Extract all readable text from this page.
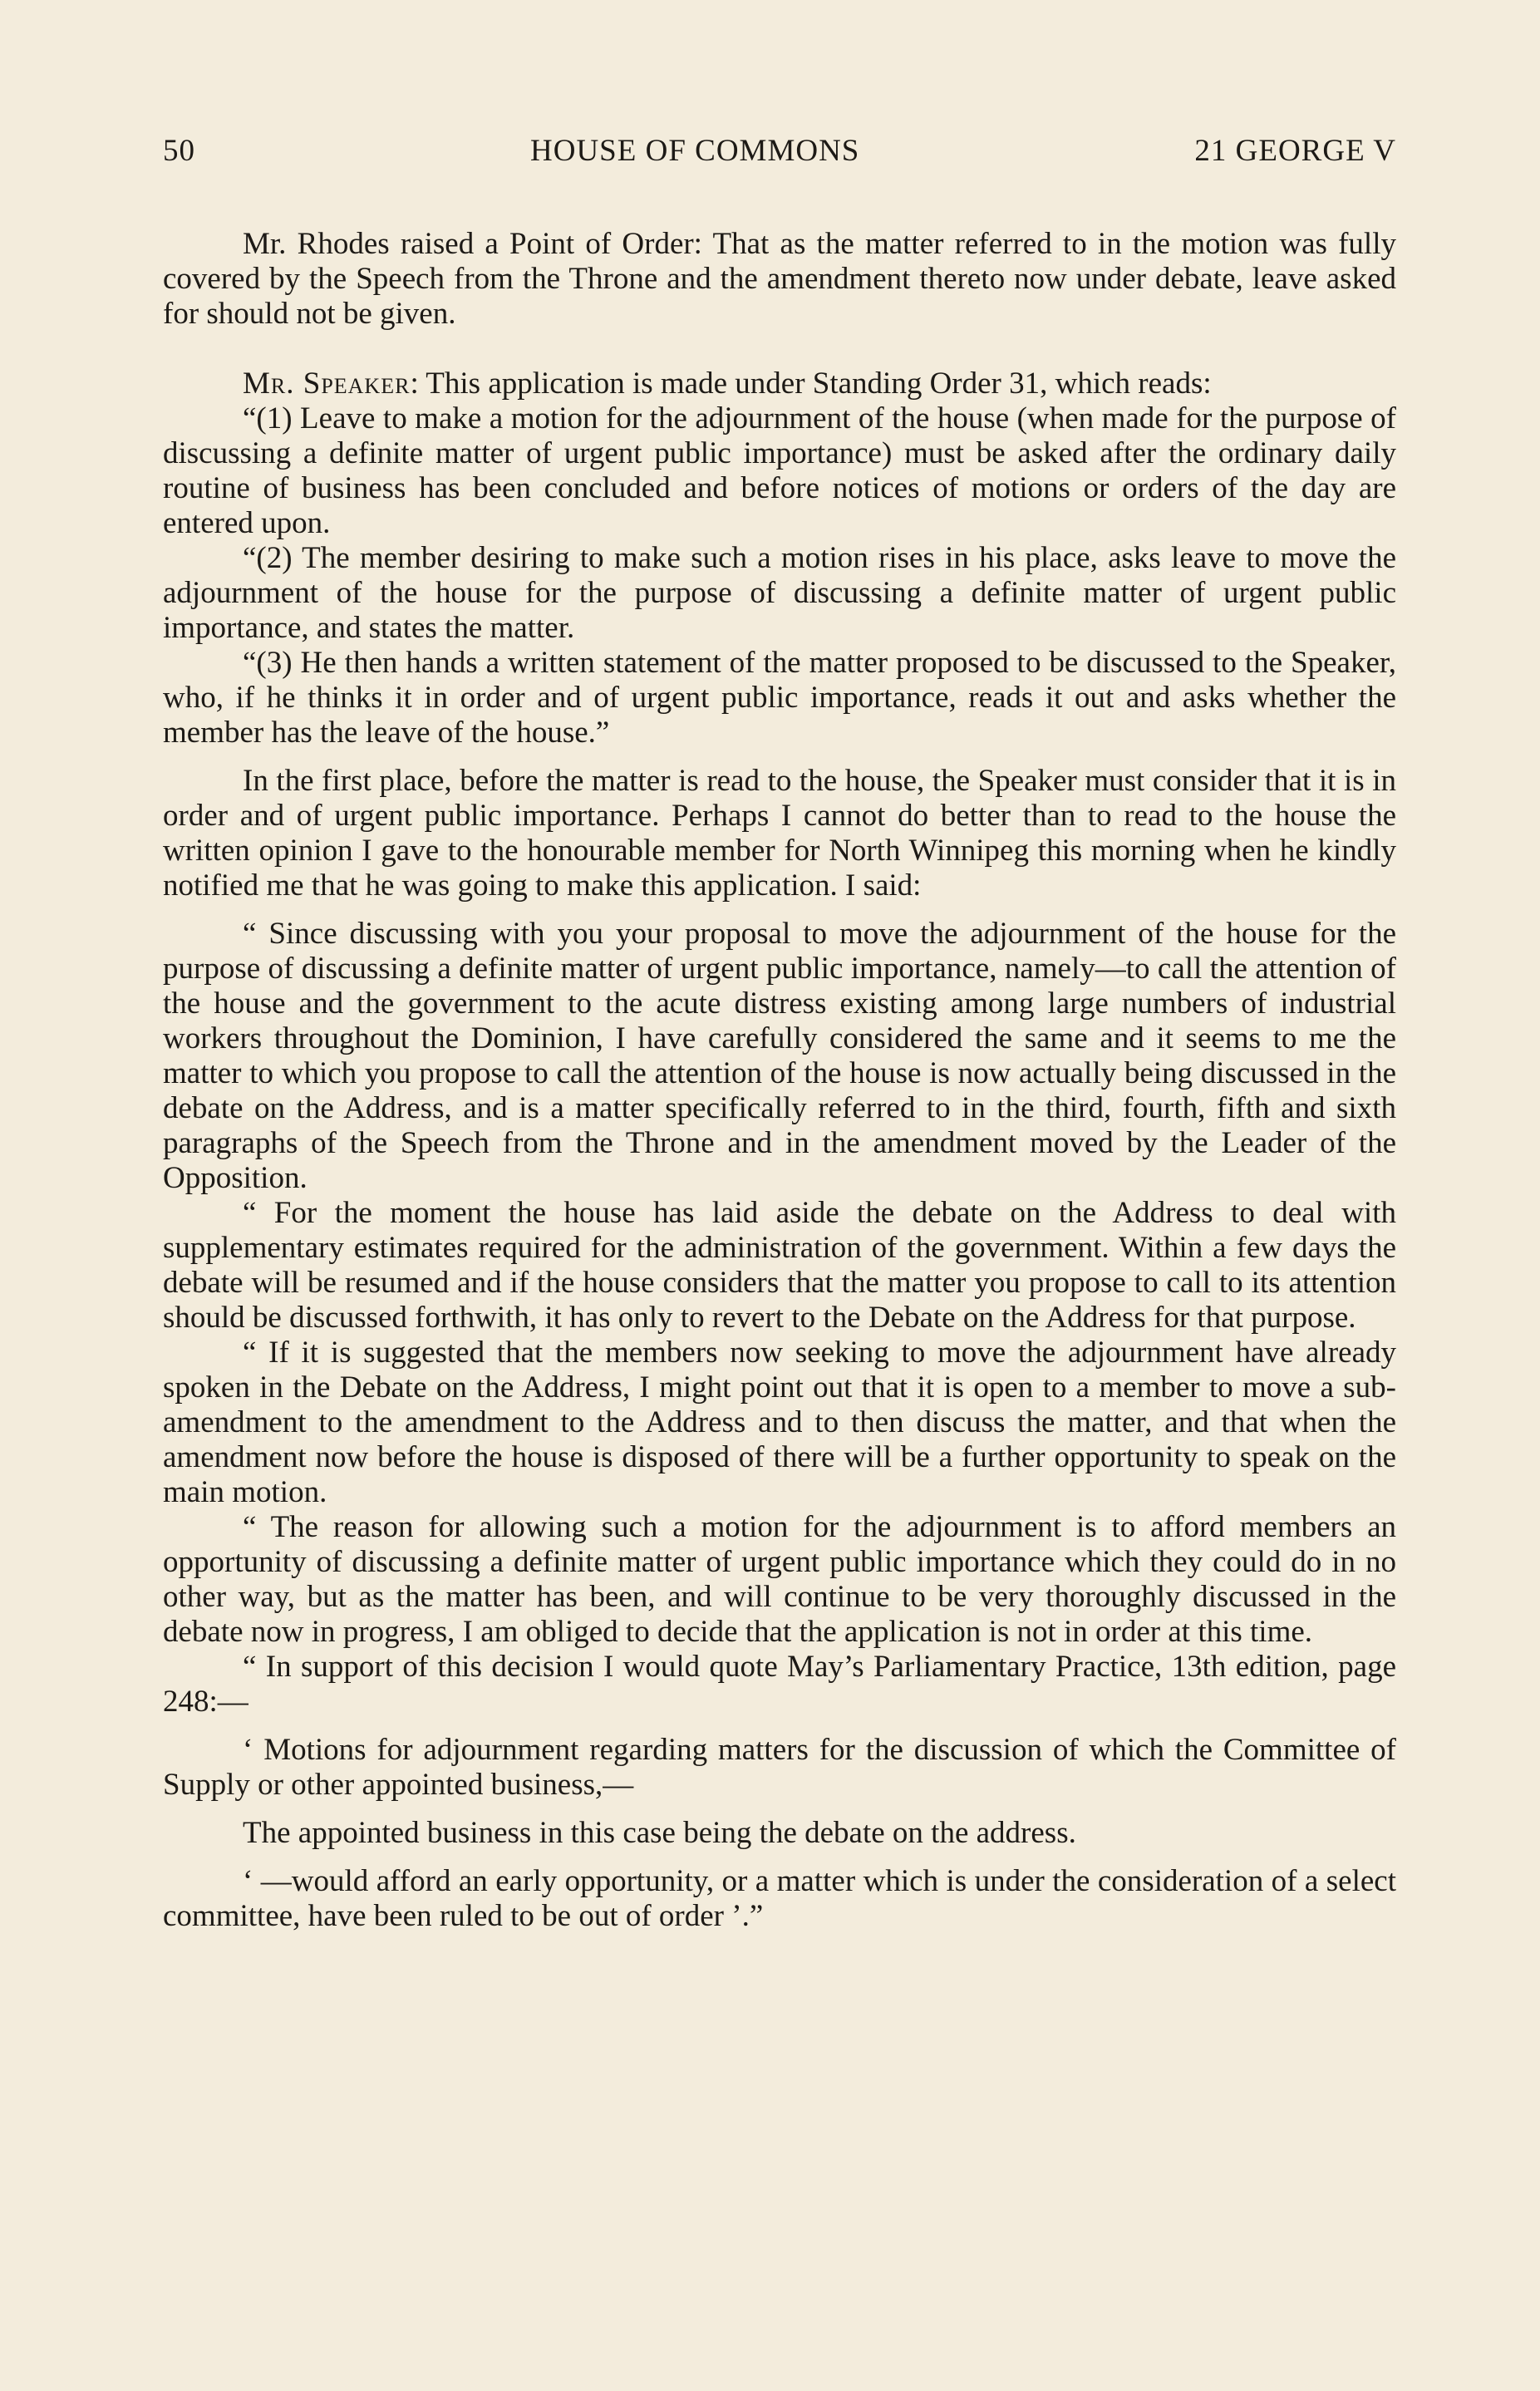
50	HOUSE OF COMMONS	21 GEORGE V

Mr. Rhodes raised a Point of Order: That as the matter referred to in the motion was fully covered by the Speech from the Throne and the amendment thereto now under debate, leave asked for should not be given.

Mr. Speaker: This application is made under Standing Order 31, which reads:

“(1) Leave to make a motion for the adjournment of the house (when made for the purpose of discussing a definite matter of urgent public importance) must be asked after the ordinary daily routine of business has been concluded and before notices of motions or orders of the day are entered upon.

“(2) The member desiring to make such a motion rises in his place, asks leave to move the adjournment of the house for the purpose of discussing a definite matter of urgent public importance, and states the matter.

“(3) He then hands a written statement of the matter proposed to be discussed to the Speaker, who, if he thinks it in order and of urgent public importance, reads it out and asks whether the member has the leave of the house.”

In the first place, before the matter is read to the house, the Speaker must consider that it is in order and of urgent public importance. Perhaps I cannot do better than to read to the house the written opinion I gave to the honourable member for North Winnipeg this morning when he kindly notified me that he was going to make this application. I said:

“ Since discussing with you your proposal to move the adjournment of the house for the purpose of discussing a definite matter of urgent public importance, namely—to call the attention of the house and the government to the acute distress existing among large numbers of industrial workers throughout the Dominion, I have carefully considered the same and it seems to me the matter to which you propose to call the attention of the house is now actually being discussed in the debate on the Address, and is a matter specifically referred to in the third, fourth, fifth and sixth paragraphs of the Speech from the Throne and in the amendment moved by the Leader of the Opposition.

“ For the moment the house has laid aside the debate on the Address to deal with supplementary estimates required for the administration of the government. Within a few days the debate will be resumed and if the house considers that the matter you propose to call to its attention should be discussed forthwith, it has only to revert to the Debate on the Address for that purpose.

“ If it is suggested that the members now seeking to move the adjournment have already spoken in the Debate on the Address, I might point out that it is open to a member to move a sub-amendment to the amendment to the Address and to then discuss the matter, and that when the amendment now before the house is disposed of there will be a further opportunity to speak on the main motion.

“ The reason for allowing such a motion for the adjournment is to afford members an opportunity of discussing a definite matter of urgent public importance which they could do in no other way, but as the matter has been, and will continue to be very thoroughly discussed in the debate now in progress, I am obliged to decide that the application is not in order at this time.

“ In support of this decision I would quote May’s Parliamentary Practice, 13th edition, page 248:—

‘ Motions for adjournment regarding matters for the discussion of which the Committee of Supply or other appointed business,—

The appointed business in this case being the debate on the address.

‘ —would afford an early opportunity, or a matter which is under the consideration of a select committee, have been ruled to be out of order ’.”
